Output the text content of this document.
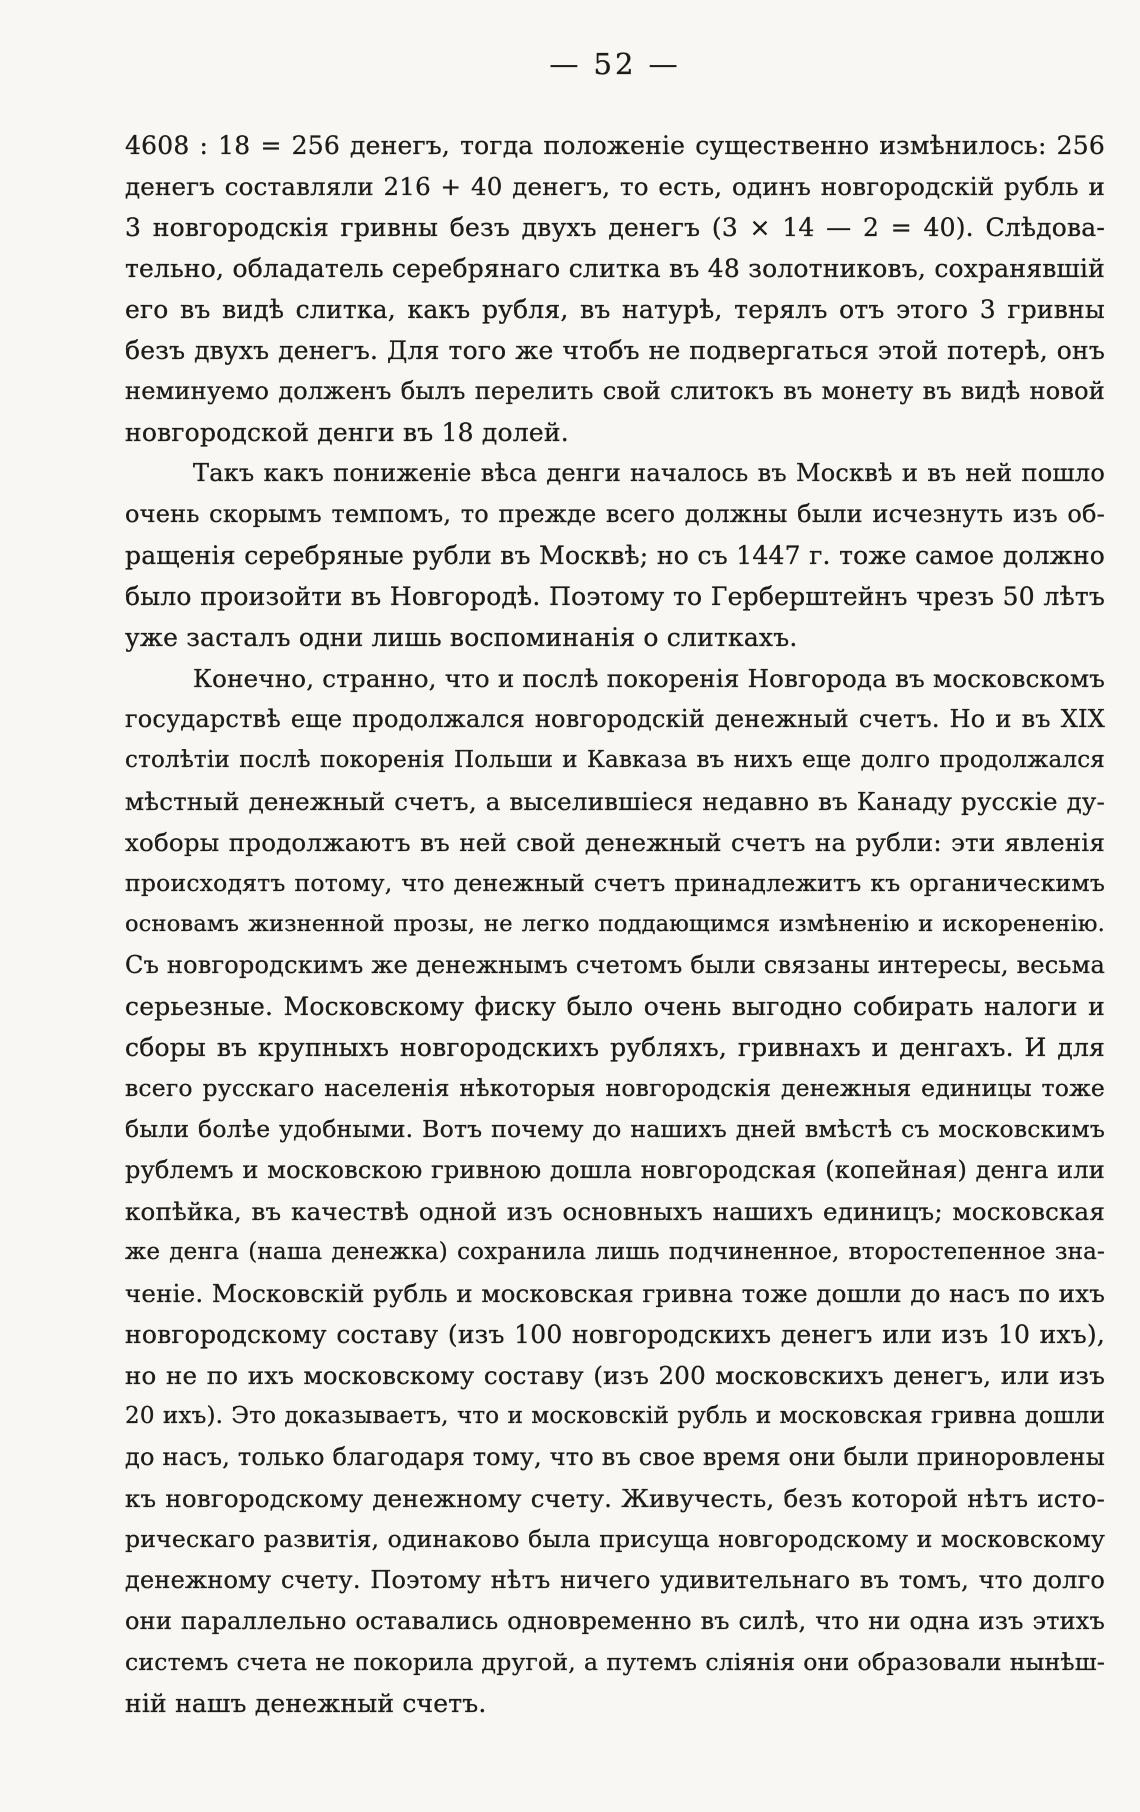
— 52 —
4608 : 18 = 256 денегъ, тогда положеніе существенно измѣнилось: 256
денегъ составляли 216 + 40 денегъ, то есть, одинъ новгородскій рубль и
3 новгородскія гривны безъ двухъ денегъ (3 × 14 — 2 = 40). Слѣдова-
тельно, обладатель серебрянаго слитка въ 48 золотниковъ, сохранявшій
его въ видѣ слитка, какъ рубля, въ натурѣ, терялъ отъ этого 3 гривны
безъ двухъ денегъ. Для того же чтобъ не подвергаться этой потерѣ, онъ
неминуемо долженъ былъ перелить свой слитокъ въ монету въ видѣ новой
новгородской денги въ 18 долей.
Такъ какъ пониженіе вѣса денги началось въ Москвѣ и въ ней пошло
очень скорымъ темпомъ, то прежде всего должны были исчезнуть изъ об-
ращенія серебряные рубли въ Москвѣ; но съ 1447 г. тоже самое должно
было произойти въ Новгородѣ. Поэтому то Герберштейнъ чрезъ 50 лѣтъ
уже засталъ одни лишь воспоминанія о слиткахъ.
Конечно, странно, что и послѣ покоренія Новгорода въ московскомъ
государствѣ еще продолжался новгородскій денежный счетъ. Но и въ XIX
столѣтіи послѣ покоренія Польши и Кавказа въ нихъ еще долго продолжался
мѣстный денежный счетъ, а выселившіеся недавно въ Канаду русскіе ду-
хоборы продолжаютъ въ ней свой денежный счетъ на рубли: эти явленія
происходятъ потому, что денежный счетъ принадлежитъ къ органическимъ
основамъ жизненной прозы, не легко поддающимся измѣненію и искорененію.
Съ новгородскимъ же денежнымъ счетомъ были связаны интересы, весьма
серьезные. Московскому фиску было очень выгодно собирать налоги и
сборы въ крупныхъ новгородскихъ рубляхъ, гривнахъ и денгахъ. И для
всего русскаго населенія нѣкоторыя новгородскія денежныя единицы тоже
были болѣе удобными. Вотъ почему до нашихъ дней вмѣстѣ съ московскимъ
рублемъ и московскою гривною дошла новгородская (копейная) денга или
копѣйка, въ качествѣ одной изъ основныхъ нашихъ единицъ; московская
же денга (наша денежка) сохранила лишь подчиненное, второстепенное зна-
ченіе. Московскій рубль и московская гривна тоже дошли до насъ по ихъ
новгородскому составу (изъ 100 новгородскихъ денегъ или изъ 10 ихъ),
но не по ихъ московскому составу (изъ 200 московскихъ денегъ, или изъ
20 ихъ). Это доказываетъ, что и московскій рубль и московская гривна дошли
до насъ, только благодаря тому, что въ свое время они были приноровлены
къ новгородскому денежному счету. Живучесть, безъ которой нѣтъ исто-
рическаго развитія, одинаково была присуща новгородскому и московскому
денежному счету. Поэтому нѣтъ ничего удивительнаго въ томъ, что долго
они параллельно оставались одновременно въ силѣ, что ни одна изъ этихъ
системъ счета не покорила другой, а путемъ сліянія они образовали нынѣш-
ній нашъ денежный счетъ.
